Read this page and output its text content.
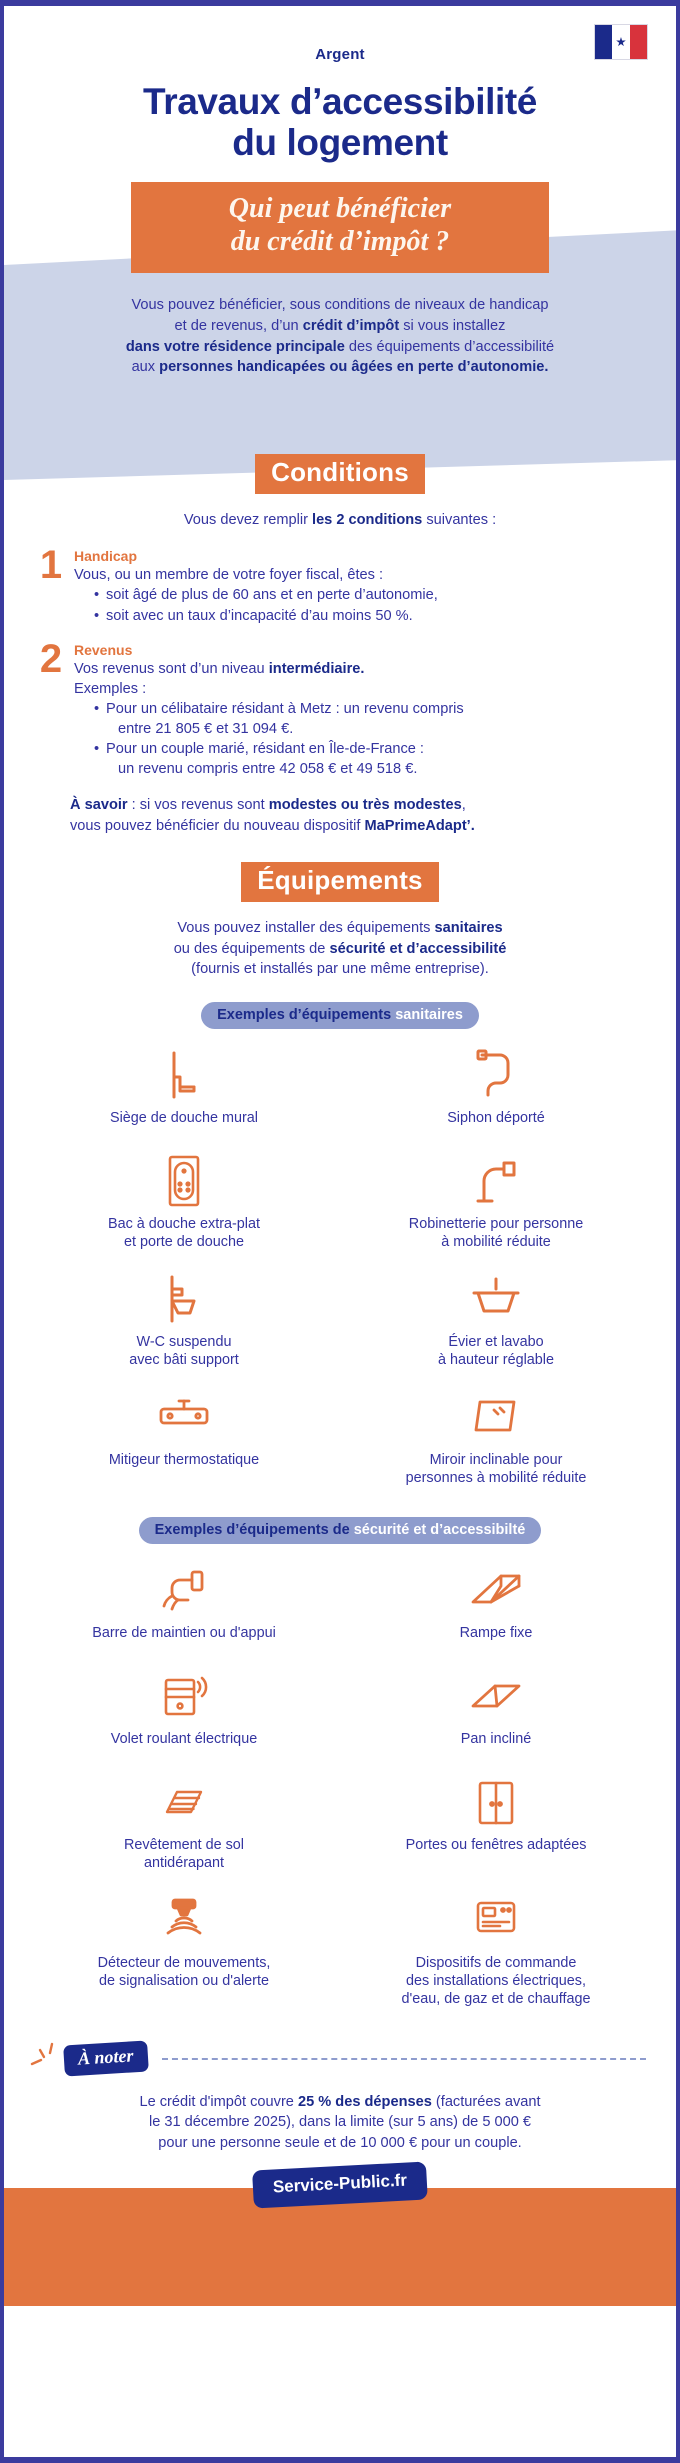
Argent
Travaux d’accessibilité
du logement
Qui peut bénéficier
du crédit d’impôt ?
Vous pouvez bénéficier, sous conditions de niveaux de handicap
et de revenus, d’un crédit d’impôt si vous installez
dans votre résidence principale des équipements d’accessibilité
aux personnes handicapées ou âgées en perte d’autonomie.
Conditions
Vous devez remplir les 2 conditions suivantes :
1 Handicap
Vous, ou un membre de votre foyer fiscal, êtes :
• soit âgé de plus de 60 ans et en perte d’autonomie,
• soit avec un taux d’incapacité d’au moins 50 %.
2 Revenus
Vos revenus sont d’un niveau intermédiaire.
Exemples :
• Pour un célibataire résidant à Metz : un revenu compris
entre 21 805 € et 31 094 €.
• Pour un couple marié, résidant en Île-de-France :
un revenu compris entre 42 058 € et 49 518 €.
À savoir : si vos revenus sont modestes ou très modestes,
vous pouvez bénéficier du nouveau dispositif MaPrimeAdapt’.
Équipements
Vous pouvez installer des équipements sanitaires
ou des équipements de sécurité et d’accessibilité
(fournis et installés par une même entreprise).
Exemples d’équipements sanitaires
Siège de douche mural	Siphon déporté
Bac à douche extra-plat
et porte de douche
Robinetterie pour personne
à mobilité réduite
W-C suspendu
avec bâti support
Évier et lavabo
à hauteur réglable
Mitigeur thermostatique	Miroir inclinable pour
personnes à mobilité réduite
Exemples d’équipements de sécurité et d’accessibilté
Barre de maintien ou d'appui	Rampe fixe
Volet roulant électrique	Pan incliné
Revêtement de sol
antidérapant
Portes ou fenêtres adaptées
Détecteur de mouvements,
de signalisation ou d'alerte
Dispositifs de commande
des installations électriques,
d'eau, de gaz et de chauffage
À noter
Le crédit d'impôt couvre 25 % des dépenses (facturées avant
le 31 décembre 2025), dans la limite (sur 5 ans) de 5 000 €
pour une personne seule et de 10 000 € pour un couple.
Service-Public.fr
